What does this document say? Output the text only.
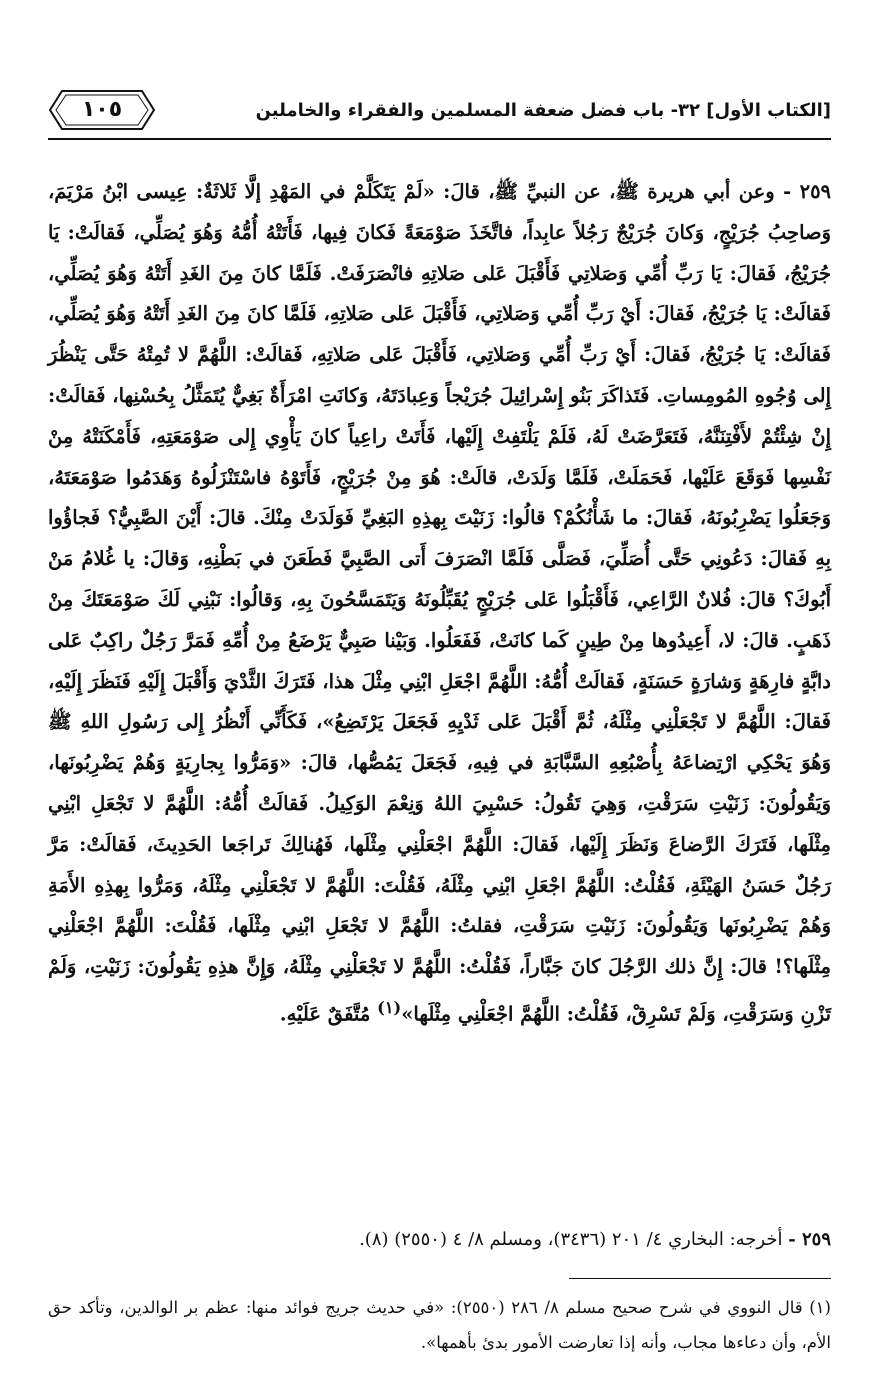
١٠٥	[الكتاب الأول] ٣٢- باب فضل ضعفة المسلمين والفقراء والخاملين

٢٥٩ - وعن أبي هريرة ﷺ، عن النبيِّ ﷺ، قالَ: «لَمْ يَتَكَلَّمْ في المَهْدِ إلَّا ثَلاثَةٌ: عِيسى ابْنُ مَرْيَمَ، وَصاحِبُ جُرَيْجٍ، وَكانَ جُرَيْجٌ رَجُلاً عابِداً، فاتَّخَذَ صَوْمَعَةً فَكانَ فِيها، فَأَتَتْهُ أُمُّهُ وَهُوَ يُصَلِّي، فَقالَتْ: يَا جُرَيْجُ، فَقالَ: يَا رَبِّ أُمِّي وَصَلاتِي فَأَقْبَلَ عَلى صَلاتِهِ فانْصَرَفَتْ. فَلَمَّا كانَ مِنَ الغَدِ أَتَتْهُ وَهُوَ يُصَلِّي، فَقالَتْ: يَا جُرَيْجُ، فَقالَ: أَيْ رَبِّ أُمِّي وَصَلاتِي، فَأَقْبَلَ عَلى صَلاتِهِ، فَلَمَّا كانَ مِنَ الغَدِ أَتَتْهُ وَهُوَ يُصَلِّي، فَقالَتْ: يَا جُرَيْجُ، فَقالَ: أَيْ رَبِّ أُمِّي وَصَلاتِي، فَأَقْبَلَ عَلى صَلاتِهِ، فَقالَتْ: اللَّهُمَّ لا تُمِتْهُ حَتَّى يَنْظُرَ إِلى وُجُوهِ المُومِساتِ. فَتَذاكَرَ بَنُو إِسْرائِيلَ جُرَيْجاً وَعِبادَتَهُ، وَكانَتِ امْرَأَةٌ بَغِيٌّ يُتَمَثَّلُ بِحُسْنِها، فَقالَتْ: إِنْ شِئْتُمْ لأَفْتِنَنَّهُ، فَتَعَرَّضَتْ لَهُ، فَلَمْ يَلْتَفِتْ إِلَيْها، فَأَتَتْ راعِياً كانَ يَأْوِي إِلى صَوْمَعَتِهِ، فَأَمْكَنَتْهُ مِنْ نَفْسِها فَوَقَعَ عَلَيْها، فَحَمَلَتْ، فَلَمَّا وَلَدَتْ، قالَتْ: هُوَ مِنْ جُرَيْجٍ، فَأَتَوْهُ فاسْتَنْزَلُوهُ وَهَدَمُوا صَوْمَعَتَهُ، وَجَعَلُوا يَضْرِبُونَهُ، فَقالَ: ما شَأْنُكُمْ؟ قالُوا: زَنَيْتَ بِهذِهِ البَغِيِّ فَوَلَدَتْ مِنْكَ. قالَ: أَيْنَ الصَّبِيُّ؟ فَجاؤُوا بِهِ فَقالَ: دَعُونِي حَتَّى أُصَلِّيَ، فَصَلَّى فَلَمَّا انْصَرَفَ أَتى الصَّبِيَّ فَطَعَنَ في بَطْنِهِ، وَقالَ: يا غُلامُ مَنْ أَبُوكَ؟ قالَ: فُلانٌ الرَّاعِي، فَأَقْبَلُوا عَلى جُرَيْجٍ يُقَبِّلُونَهُ وَيَتَمَسَّحُونَ بِهِ، وَقالُوا: نَبْنِي لَكَ صَوْمَعَتَكَ مِنْ ذَهَبٍ. قالَ: لا، أَعِيدُوها مِنْ طِينٍ كَما كانَتْ، فَفَعَلُوا. وَبَيْنا صَبِيٌّ يَرْضَعُ مِنْ أُمِّهِ فَمَرَّ رَجُلٌ راكِبٌ عَلى دابَّةٍ فارِهَةٍ وَشارَةٍ حَسَنَةٍ، فَقالَتْ أُمُّهُ: اللَّهُمَّ اجْعَلِ ابْنِي مِثْلَ هذا، فَتَرَكَ الثَّدْيَ وَأَقْبَلَ إِلَيْهِ فَنَظَرَ إِلَيْهِ، فَقالَ: اللَّهُمَّ لا تَجْعَلْنِي مِثْلَهُ، ثُمَّ أَقْبَلَ عَلى ثَدْيِهِ فَجَعَلَ يَرْتَضِعُ»، فَكَأَنِّي أَنْظُرُ إِلى رَسُولِ اللهِ ﷺ وَهُوَ يَحْكِي ارْتِضاعَهُ بِأُصْبُعِهِ السَّبَّابَةِ في فِيهِ، فَجَعَلَ يَمُصُّها، قالَ: «وَمَرُّوا بِجارِيَةٍ وَهُمْ يَضْرِبُونَها، وَيَقُولُونَ: زَنَيْتِ سَرَقْتِ، وَهِيَ تَقُولُ: حَسْبِيَ اللهُ وَنِعْمَ الوَكِيلُ. فَقالَتْ أُمُّهُ: اللَّهُمَّ لا تَجْعَلِ ابْنِي مِثْلَها، فَتَرَكَ الرَّضاعَ وَنَظَرَ إِلَيْها، فَقالَ: اللَّهُمَّ اجْعَلْنِي مِثْلَها، فَهُنالِكَ تَراجَعا الحَدِيثَ، فَقالَتْ: مَرَّ رَجُلٌ حَسَنُ الهَيْئَةِ، فَقُلْتُ: اللَّهُمَّ اجْعَلِ ابْنِي مِثْلَهُ، فَقُلْتَ: اللَّهُمَّ لا تَجْعَلْنِي مِثْلَهُ، وَمَرُّوا بِهذِهِ الأَمَةِ وَهُمْ يَضْرِبُونَها وَيَقُولُونَ: زَنَيْتِ سَرَقْتِ، فقلتُ: اللَّهُمَّ لا تَجْعَلِ ابْنِي مِثْلَها، فَقُلْتَ: اللَّهُمَّ اجْعَلْنِي مِثْلَها؟! قالَ: إِنَّ ذلك الرَّجُلَ كانَ جَبَّاراً، فَقُلْتُ: اللَّهُمَّ لا تَجْعَلْنِي مِثْلَهُ، وَإِنَّ هذِهِ يَقُولُونَ: زَنَيْتِ، وَلَمْ تَزْنِ وَسَرَقْتِ، وَلَمْ تَسْرِقْ، فَقُلْتُ: اللَّهُمَّ اجْعَلْنِي مِثْلَها»$^{(١)}$ مُتَّفَقٌ عَلَيْهِ.

٢٥٩ - أخرجه: البخاري ٤/ ٢٠١ (٣٤٣٦)، ومسلم ٨/ ٤ (٢٥٥٠) (٨).
(١) قال النووي في شرح صحيح مسلم ٨/ ٢٨٦ (٢٥٥٠): «في حديث جريج فوائد منها: عظم بر الوالدين، وتأكد حق الأم، وأن دعاءها مجاب، وأنه إذا تعارضت الأمور بدئ بأهمها».
